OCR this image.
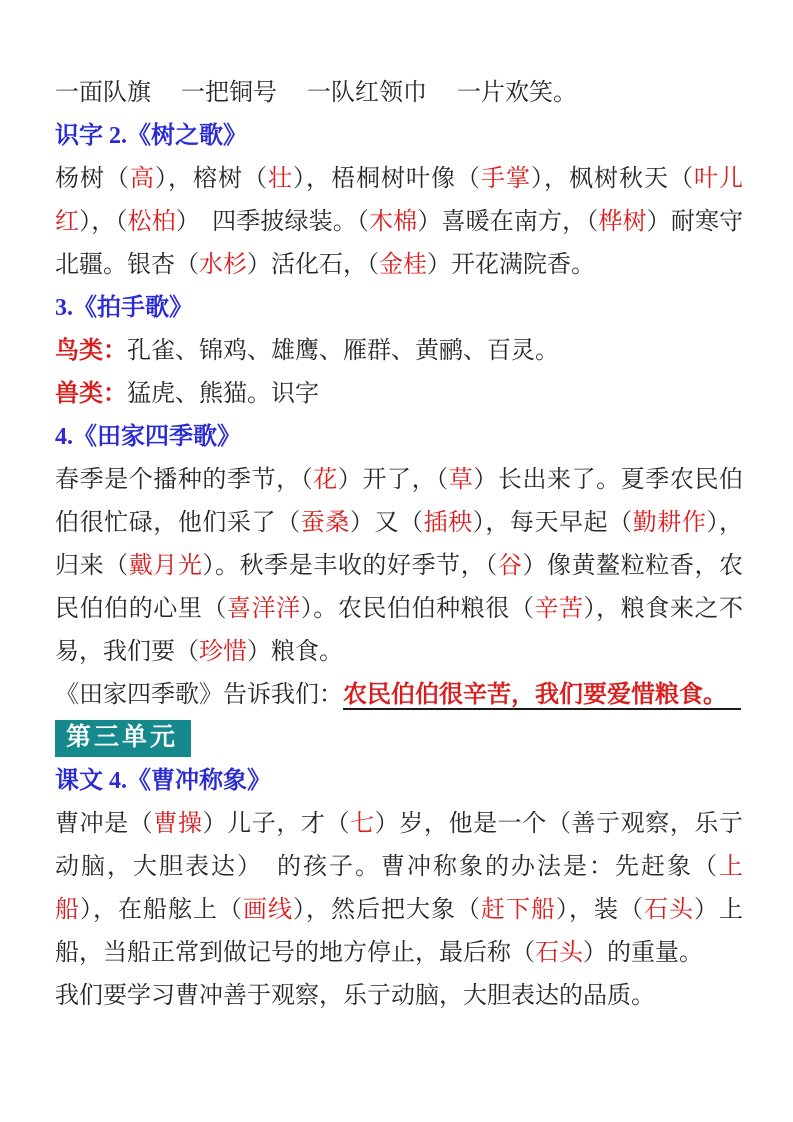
一面队旗　 一把铜号　 一队红领巾　 一片欢笑。

识字 2.《树之歌》

杨树（高），榕树（壮），梧桐树叶像（手掌），枫树秋天（叶儿红），（松柏）　四季披绿装。（木棉）喜暖在南方，（桦树）耐寒守北疆。银杏（水杉）活化石，（金桂）开花满院香。

3.《拍手歌》

鸟类：孔雀、锦鸡、雄鹰、雁群、黄鹂、百灵。

兽类：猛虎、熊猫。识字

4.《田家四季歌》

春季是个播种的季节，（花）开了，（草）长出来了。夏季农民伯伯很忙碌，他们采了（蚕桑）又（插秧），每天早起（勤耕作），归来（戴月光）。秋季是丰收的好季节，（谷）像黄鳌粒粒香，农民伯伯的心里（喜洋洋）。农民伯伯种粮很（辛苦），粮食来之不易，我们要（珍惜）粮食。

《田家四季歌》告诉我们：农民伯伯很辛苦，我们要爱惜粮食。

第三单元

课文 4.《曹冲称象》

曹冲是（曹操）儿子，才（七）岁，他是一个（善亍观察，乐亍动脑，大胆表达）　的孩子。曹冲称象的办法是：先赶象（上船），在船舷上（画线），然后把大象（赶下船），装（石头）上船，当船正常到做记号的地方停止，最后称（石头）的重量。

我们要学习曹冲善于观察，乐亍动脑，大胆表达的品质。
